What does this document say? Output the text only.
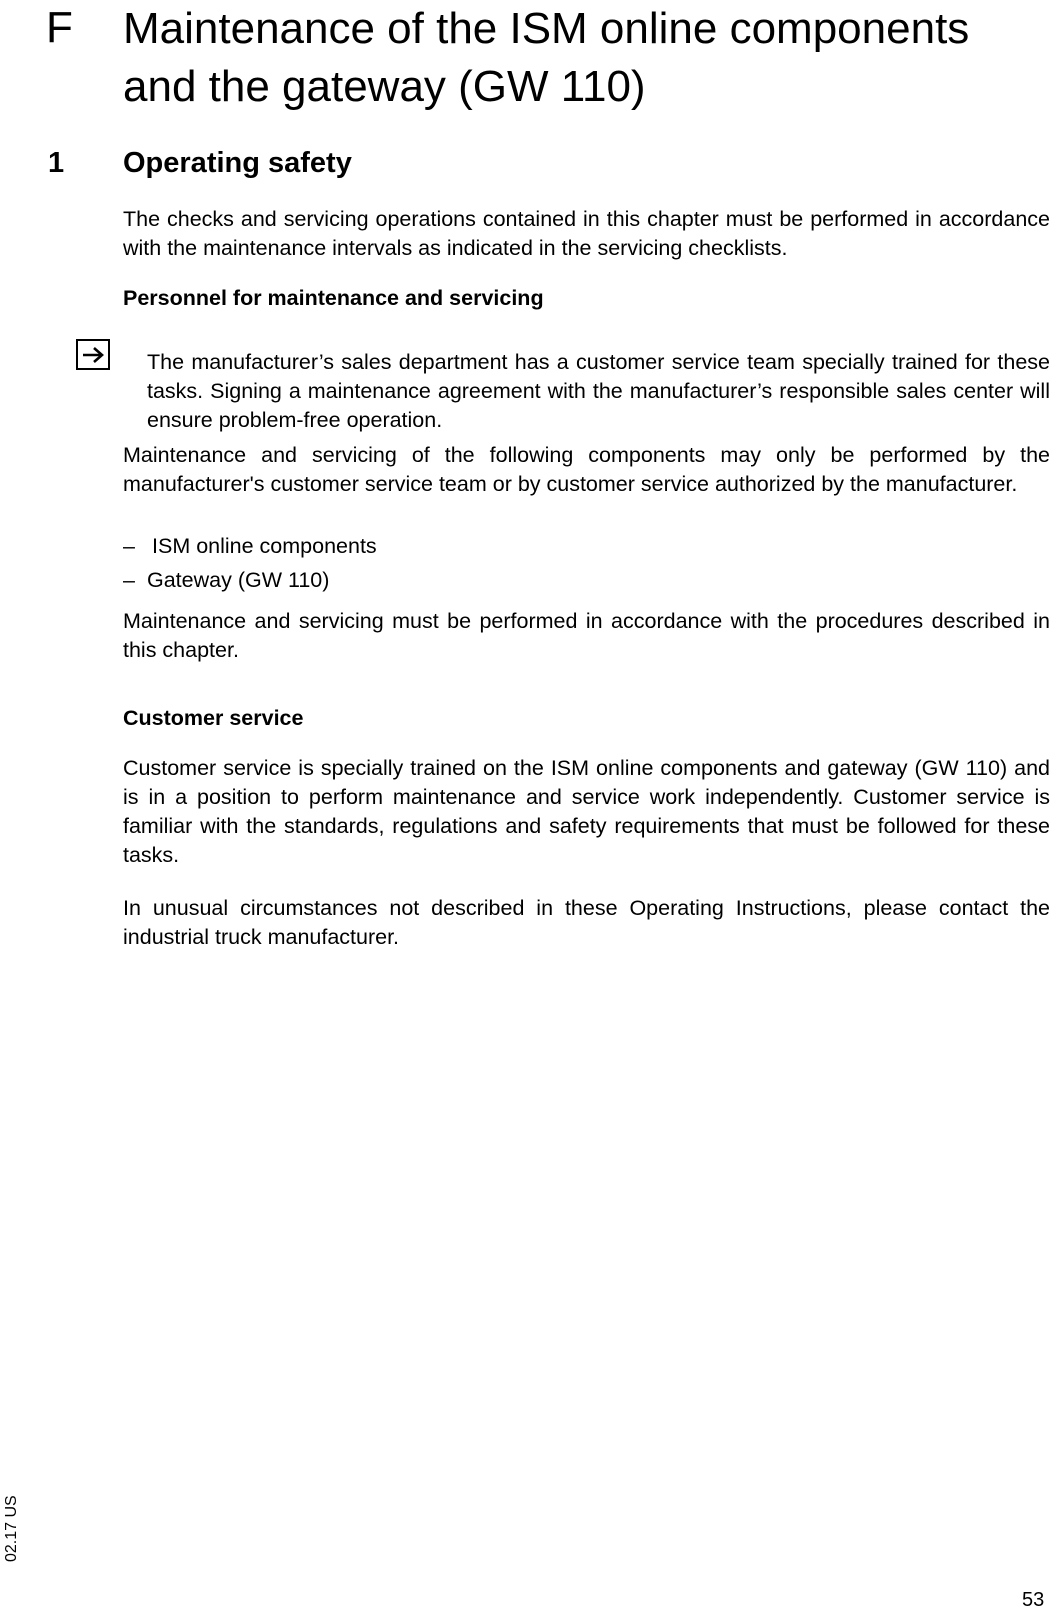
F Maintenance of the ISM online components and the gateway (GW 110)
1 Operating safety
The checks and servicing operations contained in this chapter must be performed in accordance with the maintenance intervals as indicated in the servicing checklists.
Personnel for maintenance and servicing
The manufacturer’s sales department has a customer service team specially trained for these tasks. Signing a maintenance agreement with the manufacturer’s responsible sales center will ensure problem-free operation.
Maintenance and servicing of the following components may only be performed by the manufacturer's customer service team or by customer service authorized by the manufacturer.
– ISM online components
– Gateway (GW 110)
Maintenance and servicing must be performed in accordance with the procedures described in this chapter.
Customer service
Customer service is specially trained on the ISM online components and gateway (GW 110) and is in a position to perform maintenance and service work independently. Customer service is familiar with the standards, regulations and safety requirements that must be followed for these tasks.
In unusual circumstances not described in these Operating Instructions, please contact the industrial truck manufacturer.
02.17 US
53
